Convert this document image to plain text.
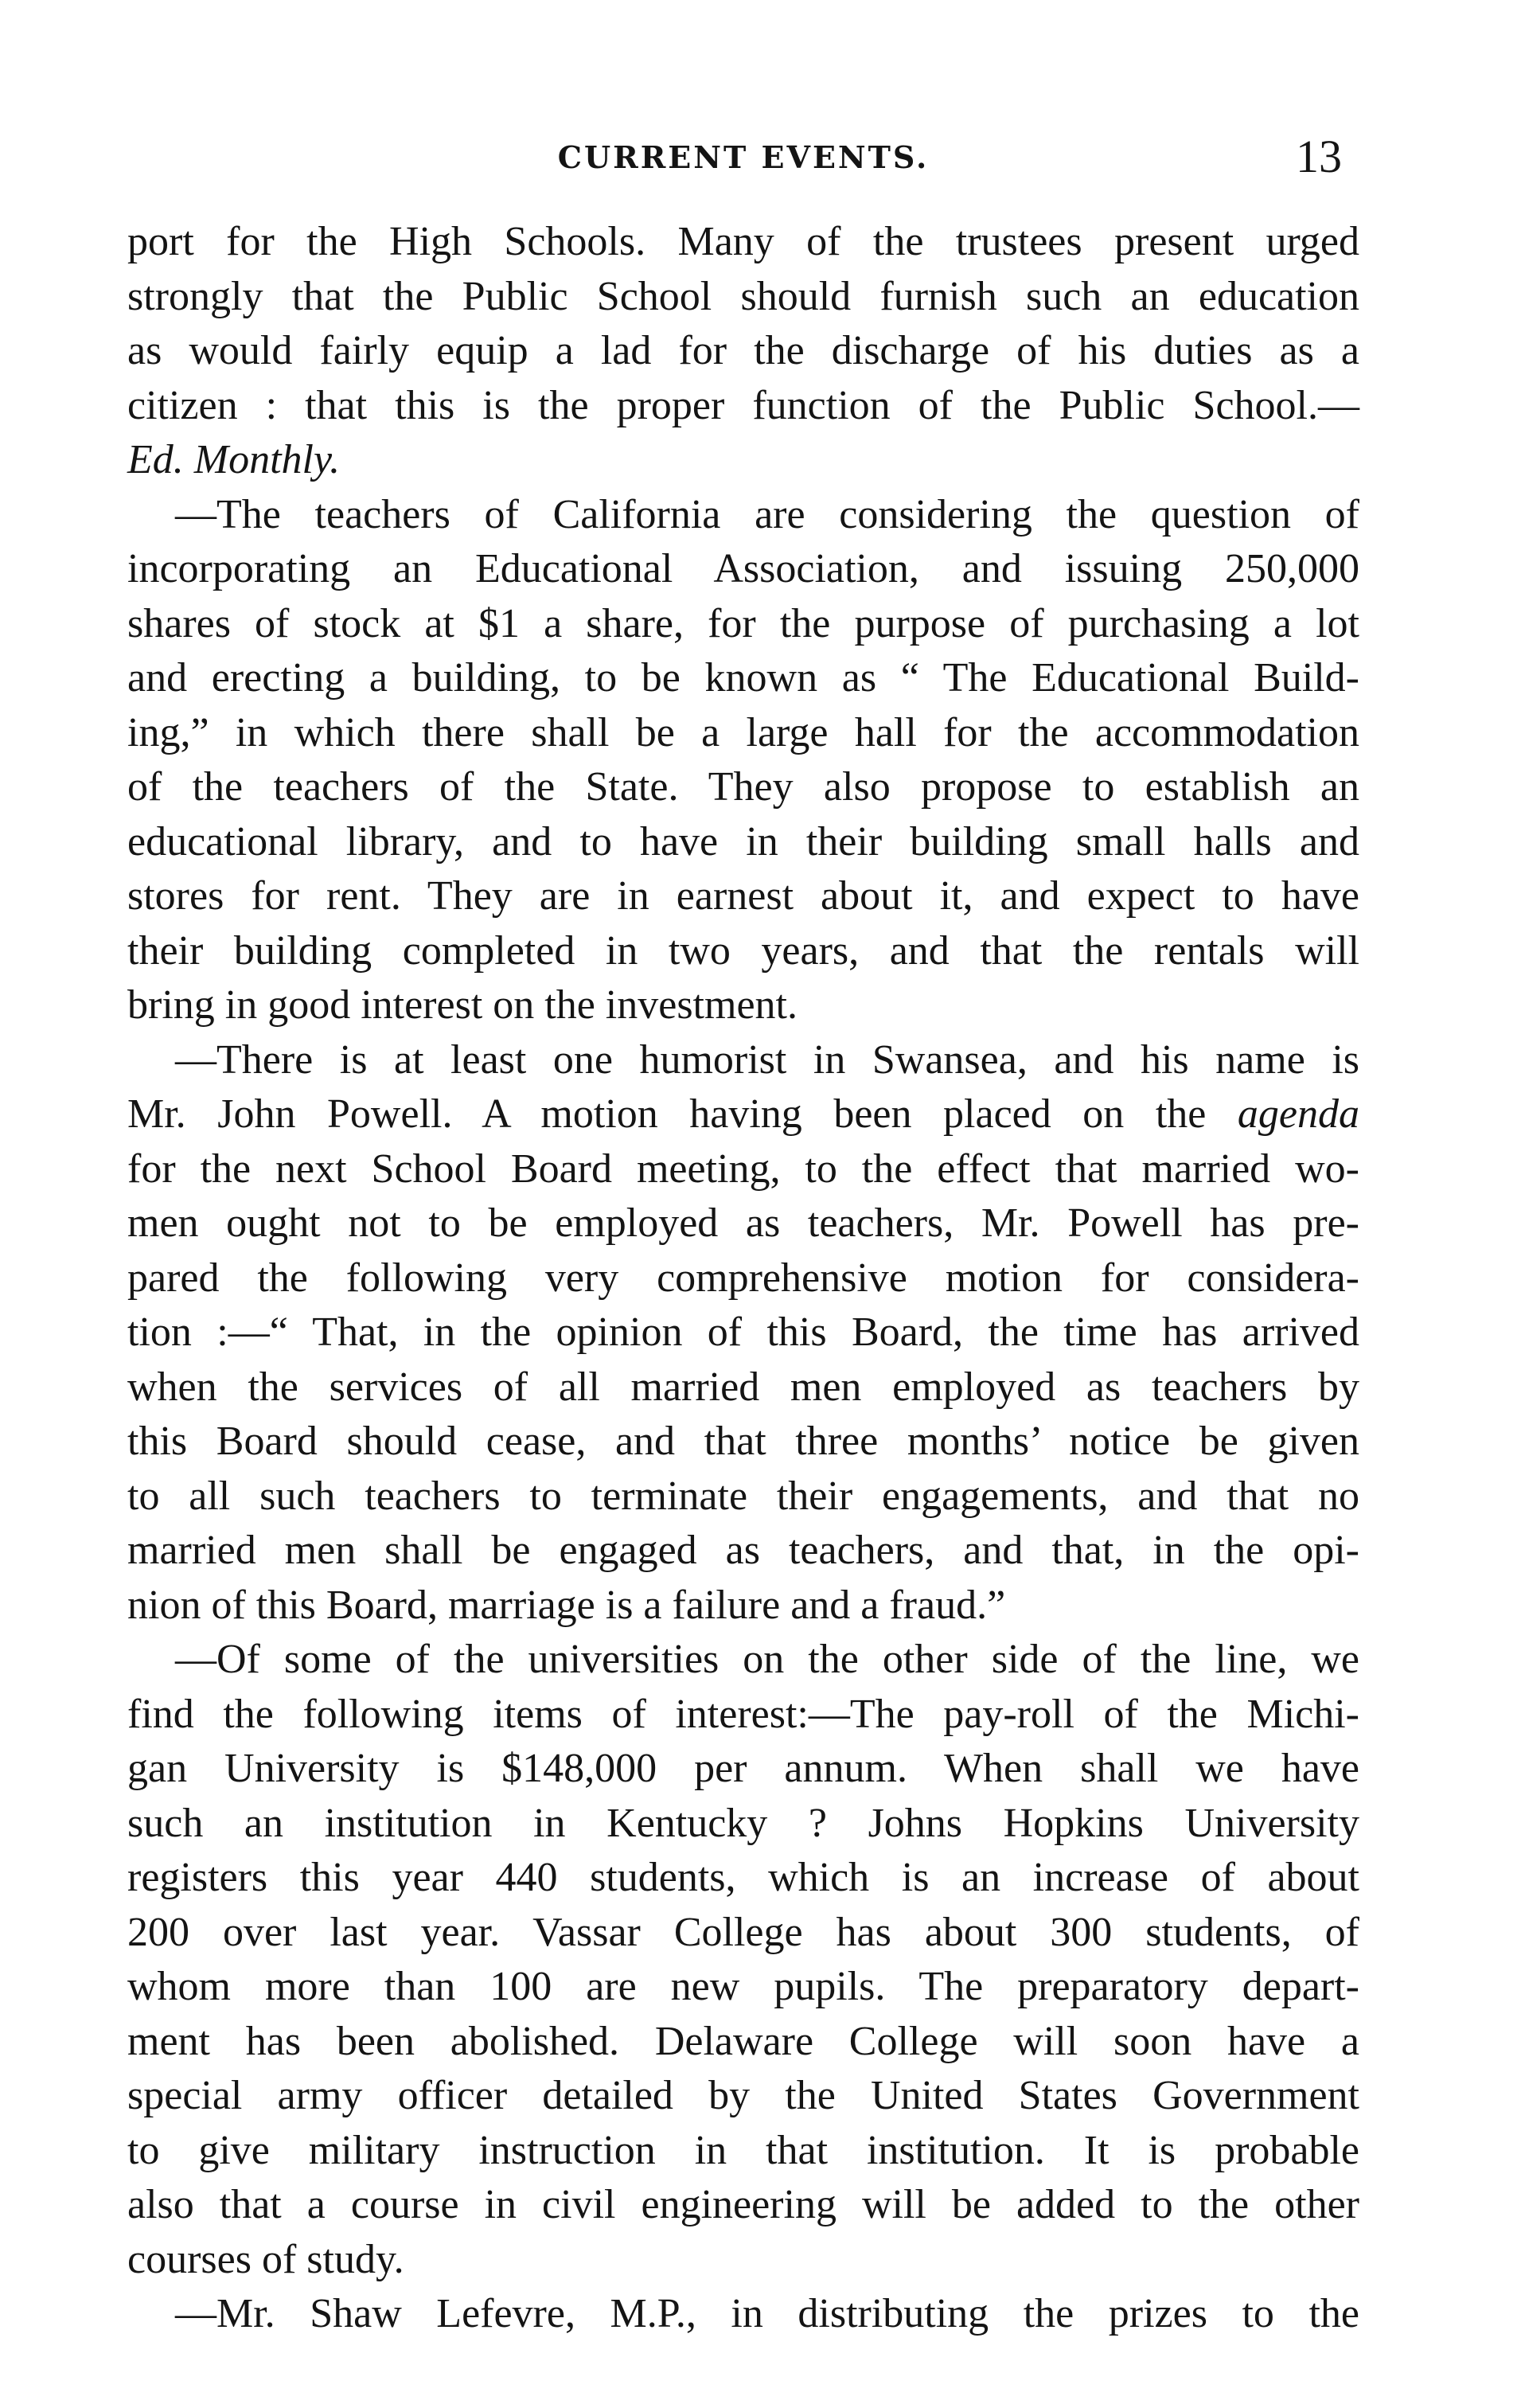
CURRENT EVENTS.	13
port for the High Schools. Many of the trustees present urged
strongly that the Public School should furnish such an education
as would fairly equip a lad for the discharge of his duties as a
citizen : that this is the proper function of the Public School.—
Ed. Monthly.
—The teachers of California are considering the question of
incorporating an Educational Association, and issuing 250,000
shares of stock at $1 a share, for the purpose of purchasing a lot
and erecting a building, to be known as “ The Educational Build-
ing,” in which there shall be a large hall for the accommodation
of the teachers of the State. They also propose to establish an
educational library, and to have in their building small halls and
stores for rent. They are in earnest about it, and expect to have
their building completed in two years, and that the rentals will
bring in good interest on the investment.
—There is at least one humorist in Swansea, and his name is
Mr. John Powell. A motion having been placed on the agenda
for the next School Board meeting, to the effect that married wo-
men ought not to be employed as teachers, Mr. Powell has pre-
pared the following very comprehensive motion for considera-
tion :—“ That, in the opinion of this Board, the time has arrived
when the services of all married men employed as teachers by
this Board should cease, and that three months’ notice be given
to all such teachers to terminate their engagements, and that no
married men shall be engaged as teachers, and that, in the opi-
nion of this Board, marriage is a failure and a fraud.”
—Of some of the universities on the other side of the line, we
find the following items of interest:—The pay-roll of the Michi-
gan University is $148,000 per annum. When shall we have
such an institution in Kentucky ? Johns Hopkins University
registers this year 440 students, which is an increase of about
200 over last year. Vassar College has about 300 students, of
whom more than 100 are new pupils. The preparatory depart-
ment has been abolished. Delaware College will soon have a
special army officer detailed by the United States Government
to give military instruction in that institution. It is probable
also that a course in civil engineering will be added to the other
courses of study.
—Mr. Shaw Lefevre, M.P., in distributing the prizes to the
